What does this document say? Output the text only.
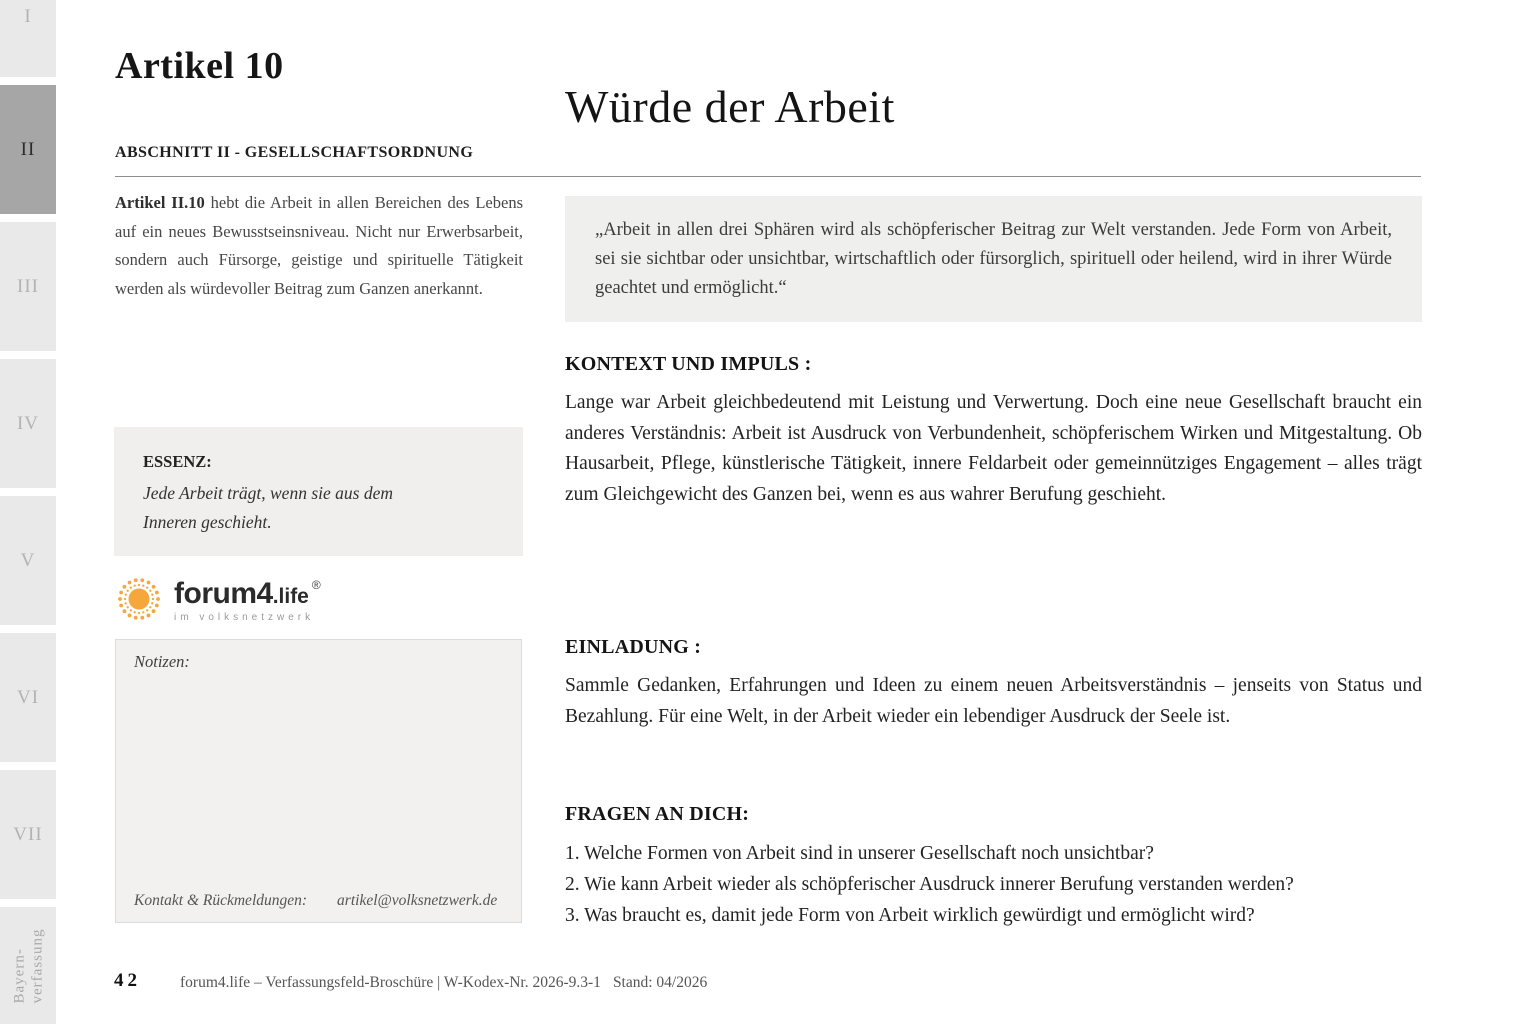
I
II
III
IV
V
VI
VII
Bayern- verfassung
Artikel 10
ABSCHNITT II - GESELLSCHAFTSORDNUNG
Würde der Arbeit

Artikel II.10 hebt die Arbeit in allen Bereichen des Lebens auf ein neues Bewusstseinsniveau. Nicht nur Erwerbsarbeit, sondern auch Fürsorge, geistige und spirituelle Tätigkeit werden als würdevoller Beitrag zum Ganzen anerkannt.

ESSENZ:
Jede Arbeit trägt, wenn sie aus dem Inneren geschieht.
forum4 .life ®
im volksnetzwerk
Notizen:
Kontakt & Rückmeldungen: artikel@volksnetzwerk.de
„Arbeit in allen drei Sphären wird als schöpferischer Beitrag zur Welt verstanden. Jede Form von Arbeit, sei sie sichtbar oder unsichtbar, wirtschaftlich oder fürsorglich, spirituell oder heilend, wird in ihrer Würde geachtet und ermöglicht.“
KONTEXT UND IMPULS :
Lange war Arbeit gleichbedeutend mit Leistung und Verwertung. Doch eine neue Gesellschaft braucht ein anderes Verständnis: Arbeit ist Ausdruck von Verbundenheit, schöpferischem Wirken und Mitgestaltung. Ob Hausarbeit, Pflege, künstlerische Tätigkeit, innere Feldarbeit oder gemeinnütziges Engagement – alles trägt zum Gleichgewicht des Ganzen bei, wenn es aus wahrer Berufung geschieht.
EINLADUNG :
Sammle Gedanken, Erfahrungen und Ideen zu einem neuen Arbeitsverständnis – jenseits von Status und Bezahlung. Für eine Welt, in der Arbeit wieder ein lebendiger Ausdruck der Seele ist.
FRAGEN AN DICH:
1. Welche Formen von Arbeit sind in unserer Gesellschaft noch unsichtbar?
2. Wie kann Arbeit wieder als schöpferischer Ausdruck innerer Berufung verstanden werden?
3. Was braucht es, damit jede Form von Arbeit wirklich gewürdigt und ermöglicht wird?
42	forum4.life – Verfassungsfeld-Broschüre | W-Kodex-Nr. 2026-9.3-1 Stand: 04/2026
